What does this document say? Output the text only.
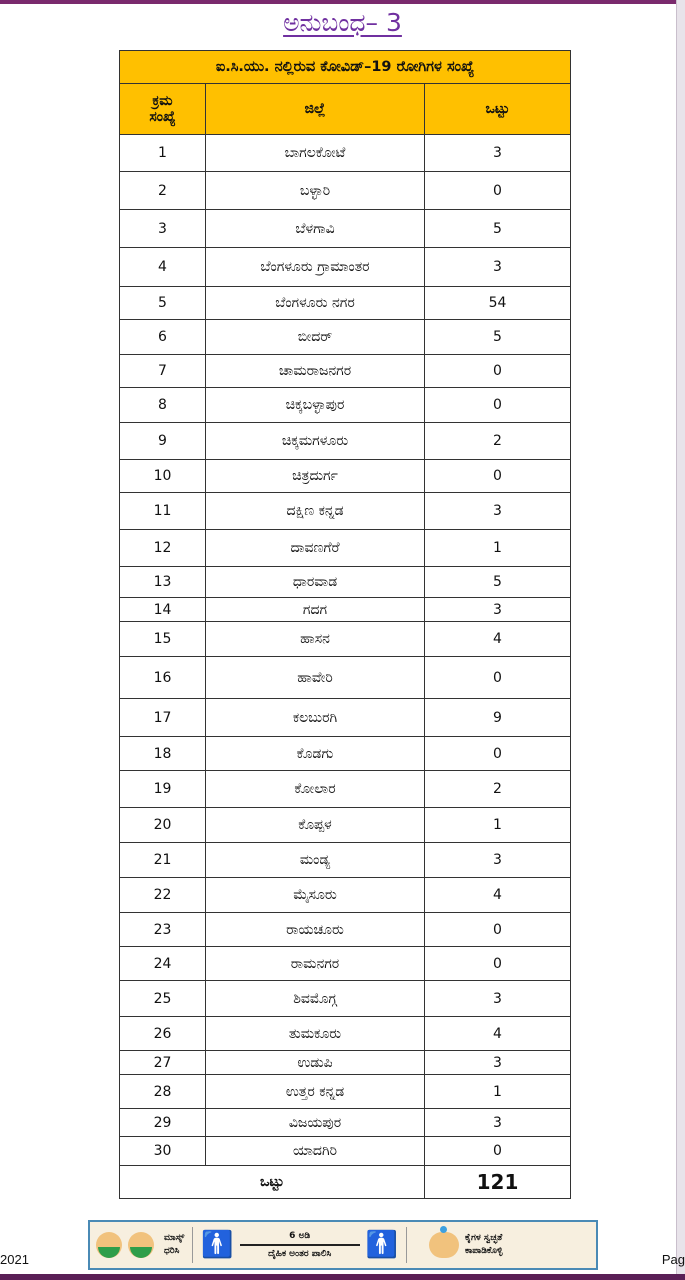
ಅನುಬಂಧ– 3
ಐ.ಸಿ.ಯು. ನಲ್ಲಿರುವ ಕೋವಿಡ್–19 ರೋಗಿಗಳ ಸಂಖ್ಯೆ		

ಕ್ರಮ
ಸಂಖ್ಯೆ	ಜಿಲ್ಲೆ	ಒಟ್ಟು
1	ಬಾಗಲಕೋಟೆ	3
2	ಬಳ್ಳಾರಿ	0
3	ಬೆಳಗಾವಿ	5
4	ಬೆಂಗಳೂರು ಗ್ರಾಮಾಂತರ	3
5	ಬೆಂಗಳೂರು ನಗರ	54
6	ಬೀದರ್	5
7	ಚಾಮರಾಜನಗರ	0
8	ಚಿಕ್ಕಬಳ್ಳಾಪುರ	0
9	ಚಿಕ್ಕಮಗಳೂರು	2
10	ಚಿತ್ರದುರ್ಗ	0
11	ದಕ್ಷಿಣ ಕನ್ನಡ	3
12	ದಾವಣಗೆರೆ	1
13	ಧಾರವಾಡ	5
14	ಗದಗ	3
15	ಹಾಸನ	4
16	ಹಾವೇರಿ	0
17	ಕಲಬುರಗಿ	9
18	ಕೊಡಗು	0
19	ಕೋಲಾರ	2
20	ಕೊಪ್ಪಳ	1
21	ಮಂಡ್ಯ	3
22	ಮೈಸೂರು	4
23	ರಾಯಚೂರು	0
24	ರಾಮನಗರ	0
25	ಶಿವಮೊಗ್ಗ	3
26	ತುಮಕೂರು	4
27	ಉಡುಪಿ	3
28	ಉತ್ತರ ಕನ್ನಡ	1
29	ವಿಜಯಪುರ	3
30	ಯಾದಗಿರಿ	0
ಒಟ್ಟು		121
ಮಾಸ್ಕ್
ಧರಿಸಿ 🚹	6 ಅಡಿ
ದೈಹಿಕ ಅಂತರ ಪಾಲಿಸಿ 🚹	ಕೈಗಳ ಸ್ವಚ್ಛತೆ
ಕಾಪಾಡಿಕೊಳ್ಳಿ
2021	Pag
